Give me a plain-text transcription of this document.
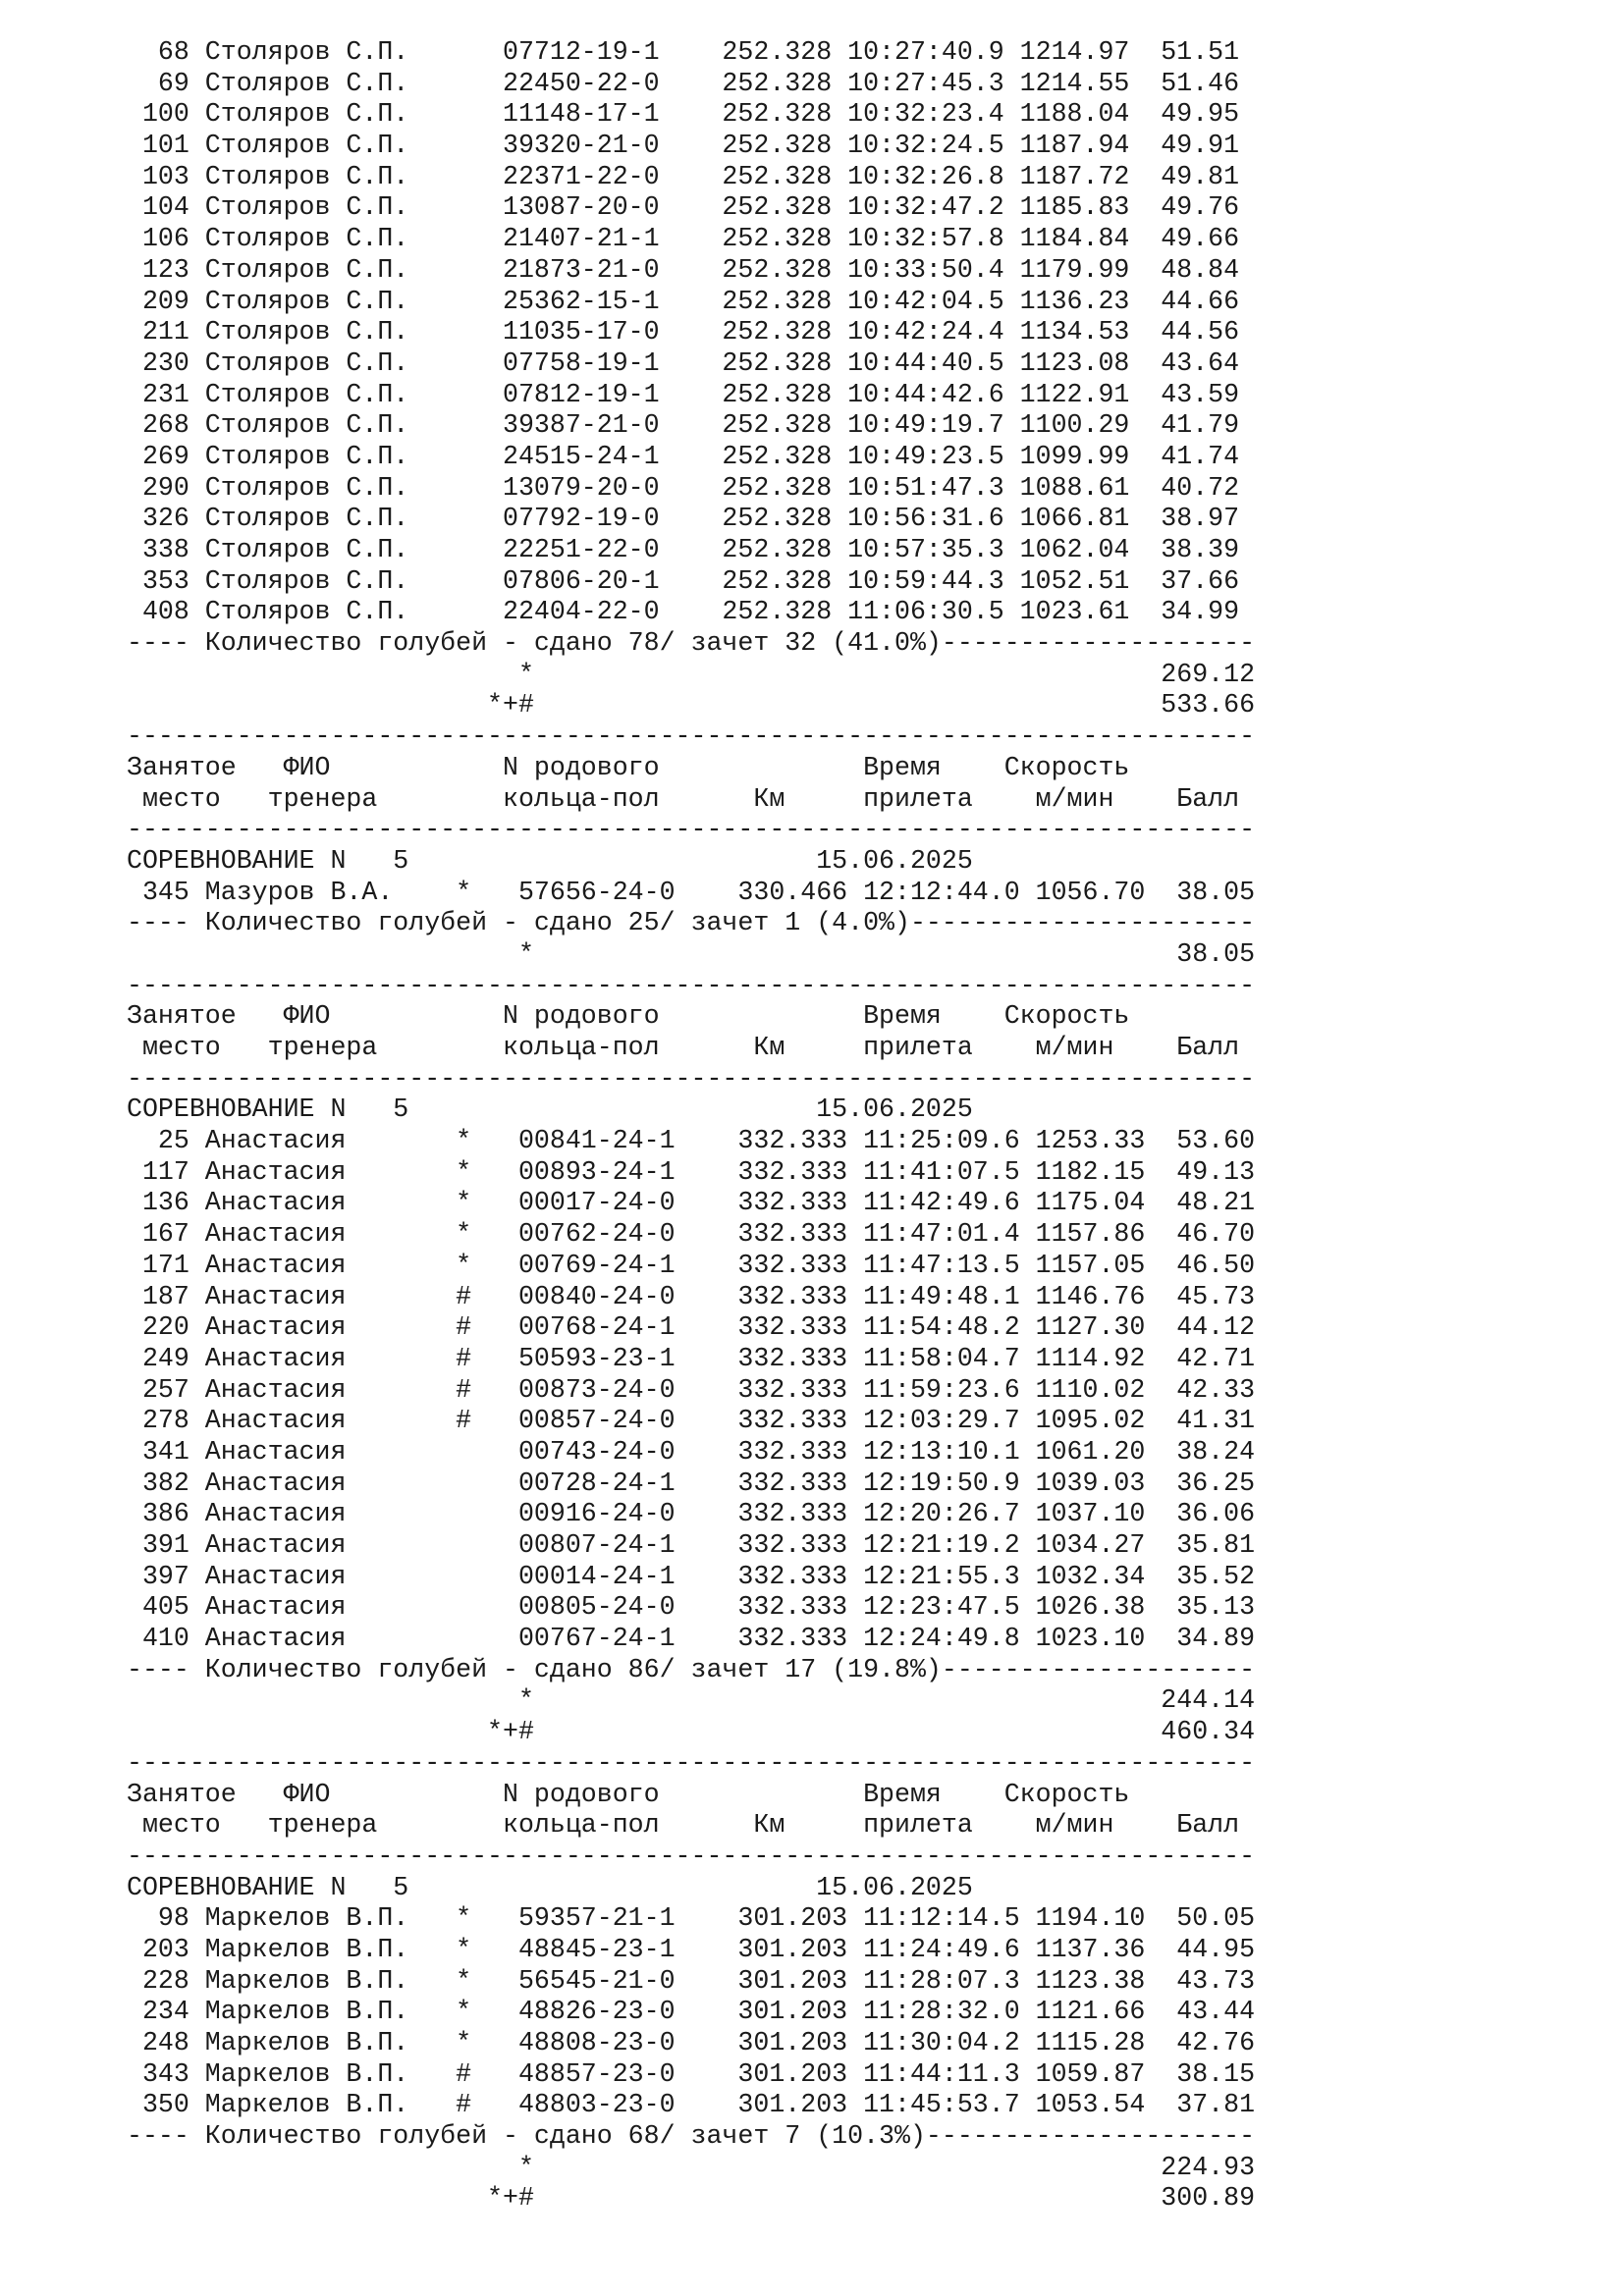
68 Столяров С.П.      07712-19-1    252.328 10:27:40.9 1214.97  51.51
69 Столяров С.П.      22450-22-0    252.328 10:27:45.3 1214.55  51.46
100 Столяров С.П.      11148-17-1    252.328 10:32:23.4 1188.04  49.95
101 Столяров С.П.      39320-21-0    252.328 10:32:24.5 1187.94  49.91
103 Столяров С.П.      22371-22-0    252.328 10:32:26.8 1187.72  49.81
104 Столяров С.П.      13087-20-0    252.328 10:32:47.2 1185.83  49.76
106 Столяров С.П.      21407-21-1    252.328 10:32:57.8 1184.84  49.66
123 Столяров С.П.      21873-21-0    252.328 10:33:50.4 1179.99  48.84
209 Столяров С.П.      25362-15-1    252.328 10:42:04.5 1136.23  44.66
211 Столяров С.П.      11035-17-0    252.328 10:42:24.4 1134.53  44.56
230 Столяров С.П.      07758-19-1    252.328 10:44:40.5 1123.08  43.64
231 Столяров С.П.      07812-19-1    252.328 10:44:42.6 1122.91  43.59
268 Столяров С.П.      39387-21-0    252.328 10:49:19.7 1100.29  41.79
269 Столяров С.П.      24515-24-1    252.328 10:49:23.5 1099.99  41.74
290 Столяров С.П.      13079-20-0    252.328 10:51:47.3 1088.61  40.72
326 Столяров С.П.      07792-19-0    252.328 10:56:31.6 1066.81  38.97
338 Столяров С.П.      22251-22-0    252.328 10:57:35.3 1062.04  38.39
353 Столяров С.П.      07806-20-1    252.328 10:59:44.3 1052.51  37.66
408 Столяров С.П.      22404-22-0    252.328 11:06:30.5 1023.61  34.99
---- Количество голубей - сдано 78/ зачет 32 (41.0%)--------------------
*                                        269.12
*+#                                        533.66
------------------------------------------------------------------------
Занятое   ФИО           N родового             Время    Скорость
место   тренера        кольца-пол      Км     прилета    м/мин    Балл
------------------------------------------------------------------------
СОРЕВНОВАНИЕ N   5                          15.06.2025
345 Мазуров В.А.    *   57656-24-0    330.466 12:12:44.0 1056.70  38.05
---- Количество голубей - сдано 25/ зачет 1 (4.0%)----------------------
*                                         38.05
------------------------------------------------------------------------
Занятое   ФИО           N родового             Время    Скорость
место   тренера        кольца-пол      Км     прилета    м/мин    Балл
------------------------------------------------------------------------
СОРЕВНОВАНИЕ N   5                          15.06.2025
25 Анастасия       *   00841-24-1    332.333 11:25:09.6 1253.33  53.60
117 Анастасия       *   00893-24-1    332.333 11:41:07.5 1182.15  49.13
136 Анастасия       *   00017-24-0    332.333 11:42:49.6 1175.04  48.21
167 Анастасия       *   00762-24-0    332.333 11:47:01.4 1157.86  46.70
171 Анастасия       *   00769-24-1    332.333 11:47:13.5 1157.05  46.50
187 Анастасия       #   00840-24-0    332.333 11:49:48.1 1146.76  45.73
220 Анастасия       #   00768-24-1    332.333 11:54:48.2 1127.30  44.12
249 Анастасия       #   50593-23-1    332.333 11:58:04.7 1114.92  42.71
257 Анастасия       #   00873-24-0    332.333 11:59:23.6 1110.02  42.33
278 Анастасия       #   00857-24-0    332.333 12:03:29.7 1095.02  41.31
341 Анастасия           00743-24-0    332.333 12:13:10.1 1061.20  38.24
382 Анастасия           00728-24-1    332.333 12:19:50.9 1039.03  36.25
386 Анастасия           00916-24-0    332.333 12:20:26.7 1037.10  36.06
391 Анастасия           00807-24-1    332.333 12:21:19.2 1034.27  35.81
397 Анастасия           00014-24-1    332.333 12:21:55.3 1032.34  35.52
405 Анастасия           00805-24-0    332.333 12:23:47.5 1026.38  35.13
410 Анастасия           00767-24-1    332.333 12:24:49.8 1023.10  34.89
---- Количество голубей - сдано 86/ зачет 17 (19.8%)--------------------
*                                        244.14
*+#                                        460.34
------------------------------------------------------------------------
Занятое   ФИО           N родового             Время    Скорость
место   тренера        кольца-пол      Км     прилета    м/мин    Балл
------------------------------------------------------------------------
СОРЕВНОВАНИЕ N   5                          15.06.2025
98 Маркелов В.П.   *   59357-21-1    301.203 11:12:14.5 1194.10  50.05
203 Маркелов В.П.   *   48845-23-1    301.203 11:24:49.6 1137.36  44.95
228 Маркелов В.П.   *   56545-21-0    301.203 11:28:07.3 1123.38  43.73
234 Маркелов В.П.   *   48826-23-0    301.203 11:28:32.0 1121.66  43.44
248 Маркелов В.П.   *   48808-23-0    301.203 11:30:04.2 1115.28  42.76
343 Маркелов В.П.   #   48857-23-0    301.203 11:44:11.3 1059.87  38.15
350 Маркелов В.П.   #   48803-23-0    301.203 11:45:53.7 1053.54  37.81
---- Количество голубей - сдано 68/ зачет 7 (10.3%)---------------------
*                                        224.93
*+#                                        300.89
